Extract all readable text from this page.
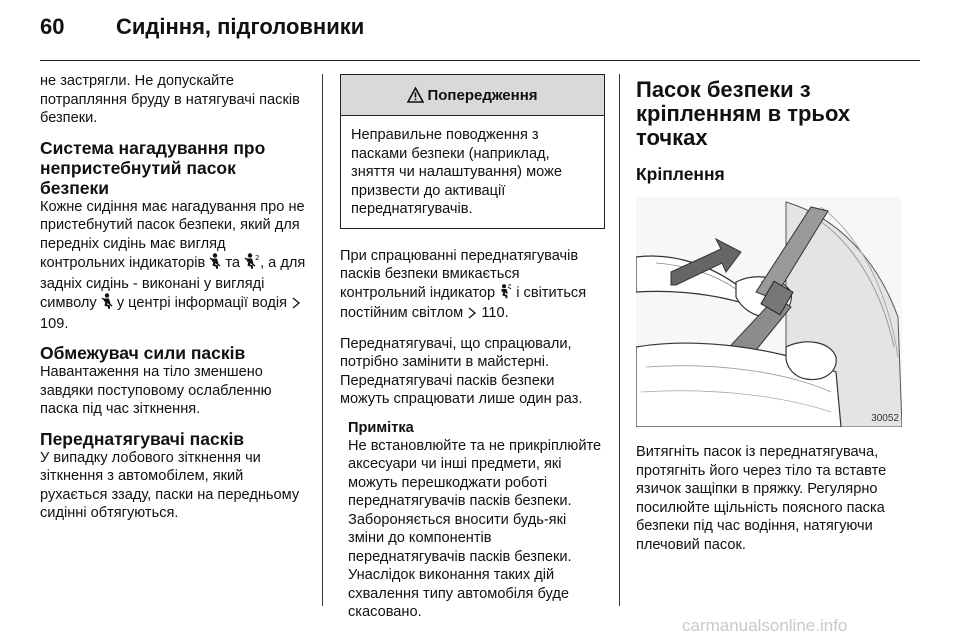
60 Сидіння, підголовники

не застрягли. Не допускайте потрапляння бруду в натягувачі пасків безпеки.

Система нагадування про непристебнутий пасок безпеки

Кожне сидіння має нагадування про не пристебнутий пасок безпеки, який для передніх сидінь має вигляд контрольних індикаторів та 2 , а для задніх сидінь - виконані у вигляді символу у центрі інформації водія  109.

Обмежувач сили пасків

Навантаження на тіло зменшено завдяки поступовому ослабленню паска під час зіткнення.

Переднатягувачі пасків

У випадку лобового зіткнення чи зіткнення з автомобілем, який рухається ззаду, паски на передньому сидінні обтягуються.

Попередження
Неправильне поводження з пасками безпеки (наприклад, зняття чи налаштування) може призвести до активації переднатягувачів.

При спрацюванні переднатягувачів пасків безпеки вмикається контрольний індикатор і світиться постійним світлом 110.

Переднатягувачі, що спрацювали, потрібно замінити в майстерні. Переднатягувачі пасків безпеки можуть спрацювати лише один раз.

Примітка

Не встановлюйте та не прикріплюйте аксесуари чи інші предмети, які можуть перешкоджати роботі переднатягувачів пасків безпеки. Забороняється вносити будь-які зміни до компонентів переднатягувачів пасків безпеки. Унаслідок виконання таких дій схвалення типу автомобіля буде скасовано.

Пасок безпеки з кріпленням в трьох точках
Кріплення
30052

Витягніть пасок із переднатягувача, протягніть його через тіло та вставте язичок защіпки в пряжку. Регулярно посилюйте щільність поясного паска безпеки під час водіння, натягуючи плечовий пасок.

carmanualsonline.info
